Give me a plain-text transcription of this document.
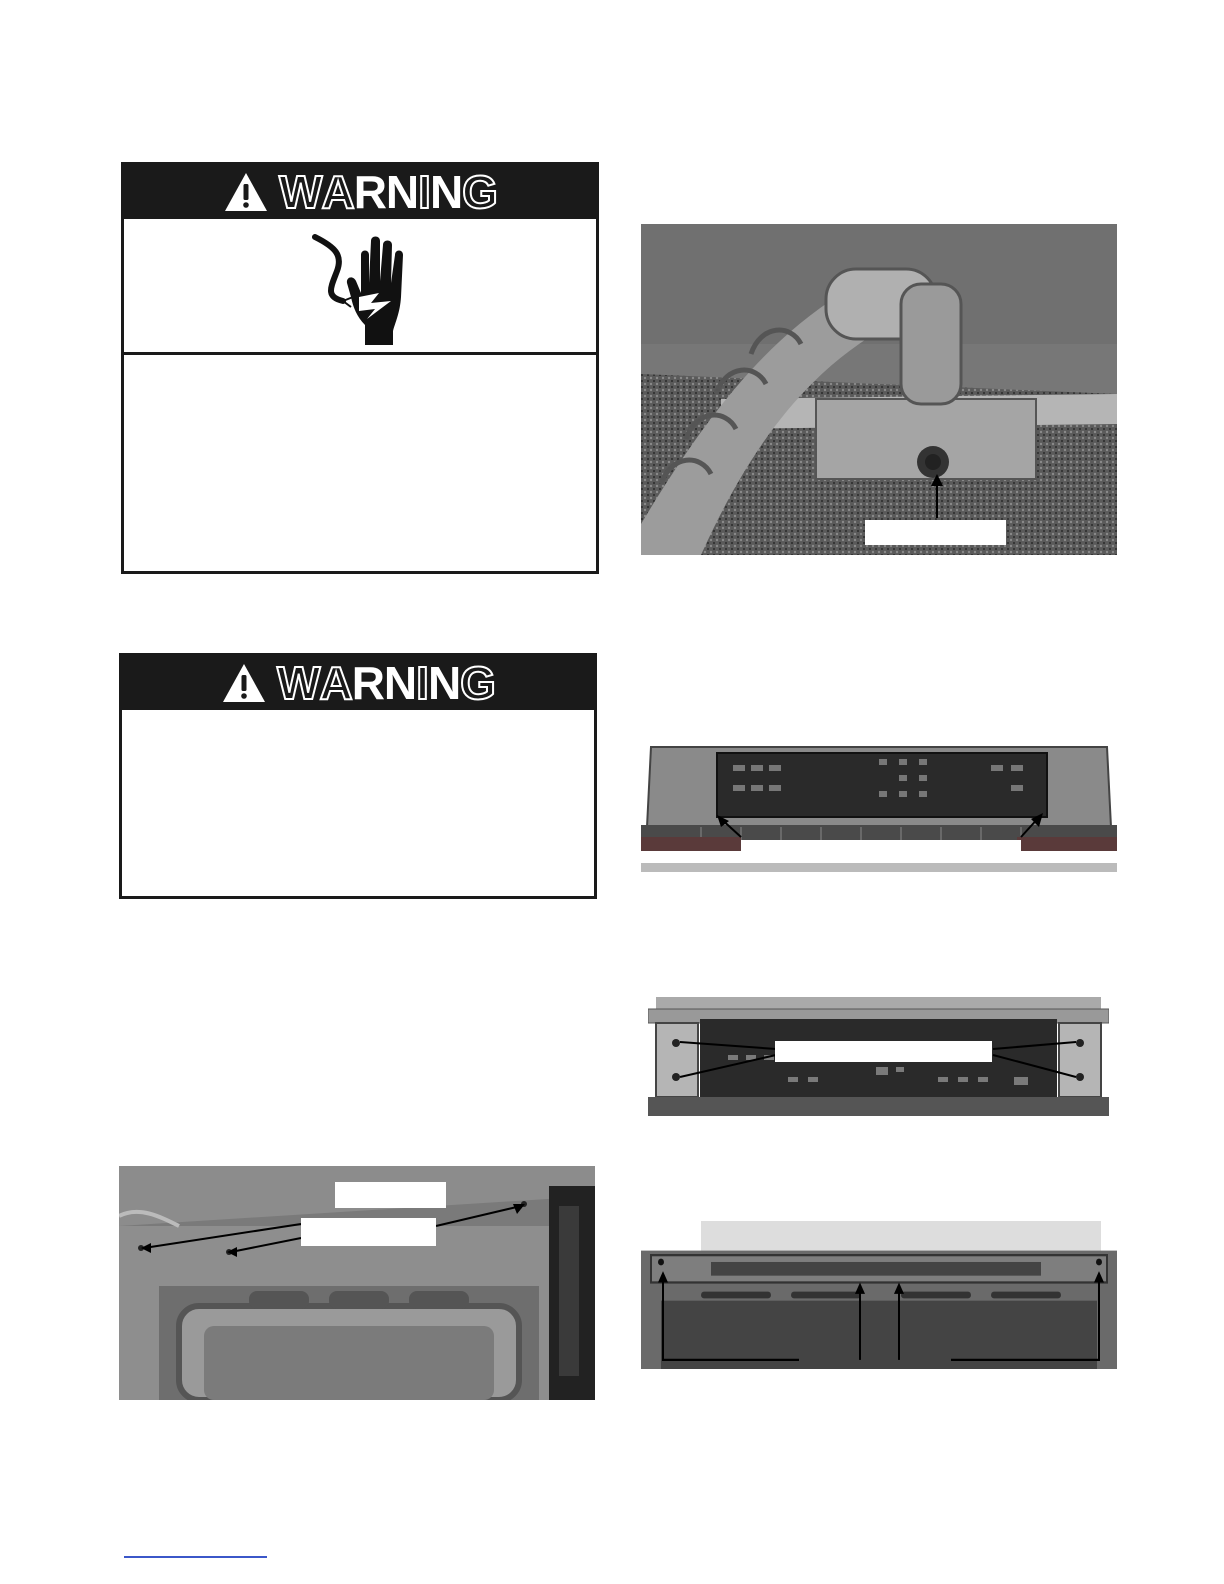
W A R N I N G
W A R N I N G
